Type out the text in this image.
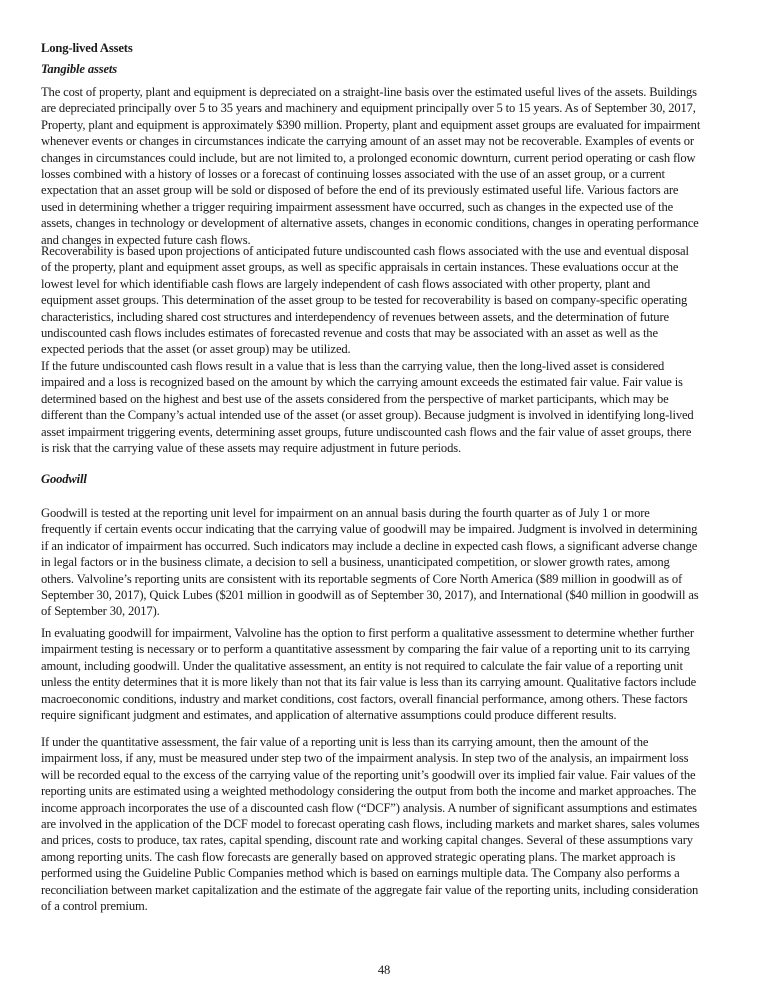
Long-lived Assets
Tangible assets
The cost of property, plant and equipment is depreciated on a straight-line basis over the estimated useful lives of the assets. Buildings
are depreciated principally over 5 to 35 years and machinery and equipment principally over 5 to 15 years. As of September 30, 2017,
Property, plant and equipment is approximately $390 million. Property, plant and equipment asset groups are evaluated for impairment
whenever events or changes in circumstances indicate the carrying amount of an asset may not be recoverable. Examples of events or
changes in circumstances could include, but are not limited to, a prolonged economic downturn, current period operating or cash flow
losses combined with a history of losses or a forecast of continuing losses associated with the use of an asset group, or a current
expectation that an asset group will be sold or disposed of before the end of its previously estimated useful life. Various factors are
used in determining whether a trigger requiring impairment assessment have occurred, such as changes in the expected use of the
assets, changes in technology or development of alternative assets, changes in economic conditions, changes in operating performance
and changes in expected future cash flows.
Recoverability is based upon projections of anticipated future undiscounted cash flows associated with the use and eventual disposal
of the property, plant and equipment asset groups, as well as specific appraisals in certain instances. These evaluations occur at the
lowest level for which identifiable cash flows are largely independent of cash flows associated with other property, plant and
equipment asset groups. This determination of the asset group to be tested for recoverability is based on company-specific operating
characteristics, including shared cost structures and interdependency of revenues between assets, and the determination of future
undiscounted cash flows includes estimates of forecasted revenue and costs that may be associated with an asset as well as the
expected periods that the asset (or asset group) may be utilized.
If the future undiscounted cash flows result in a value that is less than the carrying value, then the long-lived asset is considered
impaired and a loss is recognized based on the amount by which the carrying amount exceeds the estimated fair value. Fair value is
determined based on the highest and best use of the assets considered from the perspective of market participants, which may be
different than the Company’s actual intended use of the asset (or asset group). Because judgment is involved in identifying long-lived
asset impairment triggering events, determining asset groups, future undiscounted cash flows and the fair value of asset groups, there
is risk that the carrying value of these assets may require adjustment in future periods.
Goodwill
Goodwill is tested at the reporting unit level for impairment on an annual basis during the fourth quarter as of July 1 or more
frequently if certain events occur indicating that the carrying value of goodwill may be impaired. Judgment is involved in determining
if an indicator of impairment has occurred. Such indicators may include a decline in expected cash flows, a significant adverse change
in legal factors or in the business climate, a decision to sell a business, unanticipated competition, or slower growth rates, among
others. Valvoline’s reporting units are consistent with its reportable segments of Core North America ($89 million in goodwill as of
September 30, 2017), Quick Lubes ($201 million in goodwill as of September 30, 2017), and International ($40 million in goodwill as
of September 30, 2017).
In evaluating goodwill for impairment, Valvoline has the option to first perform a qualitative assessment to determine whether further
impairment testing is necessary or to perform a quantitative assessment by comparing the fair value of a reporting unit to its carrying
amount, including goodwill. Under the qualitative assessment, an entity is not required to calculate the fair value of a reporting unit
unless the entity determines that it is more likely than not that its fair value is less than its carrying amount. Qualitative factors include
macroeconomic conditions, industry and market conditions, cost factors, overall financial performance, among others. These factors
require significant judgment and estimates, and application of alternative assumptions could produce different results.
If under the quantitative assessment, the fair value of a reporting unit is less than its carrying amount, then the amount of the
impairment loss, if any, must be measured under step two of the impairment analysis. In step two of the analysis, an impairment loss
will be recorded equal to the excess of the carrying value of the reporting unit’s goodwill over its implied fair value. Fair values of the
reporting units are estimated using a weighted methodology considering the output from both the income and market approaches. The
income approach incorporates the use of a discounted cash flow (“DCF”) analysis. A number of significant assumptions and estimates
are involved in the application of the DCF model to forecast operating cash flows, including markets and market shares, sales volumes
and prices, costs to produce, tax rates, capital spending, discount rate and working capital changes. Several of these assumptions vary
among reporting units. The cash flow forecasts are generally based on approved strategic operating plans. The market approach is
performed using the Guideline Public Companies method which is based on earnings multiple data. The Company also performs a
reconciliation between market capitalization and the estimate of the aggregate fair value of the reporting units, including consideration
of a control premium.
48
